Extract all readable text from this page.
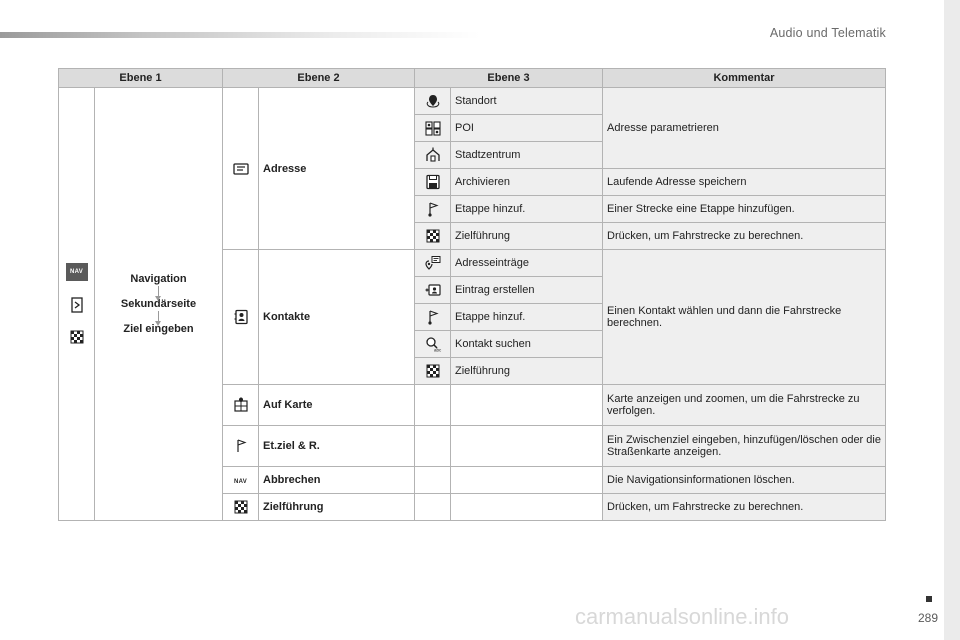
Audio und Telematik
289
carmanualsonline.info
Ebene 1		Ebene 2		Ebene 3		Kommentar

NAV	Navigation
Sekundärseite
Ziel eingeben		Adresse		Standort	Adresse parametrieren

	POI	

	Stadtzentrum	

	Archivieren	Laufende Adresse speichern

	Etappe hinzuf.	Einer Strecke eine Etappe hinzufügen.

	Zielführung	Drücken, um Fahrstrecke zu berechnen.

	Kontakte		Adresseinträge	Einen Kontakt wählen und dann die Fahrstrecke berechnen.

	Eintrag erstellen	

	Etappe hinzuf.	

abc	Kontakt suchen	

	Zielführung	

	Auf Karte			Karte anzeigen und zoomen, um die Fahrstrecke zu verfolgen.

	Et.ziel & R.			Ein Zwischenziel eingeben, hinzufügen/löschen oder die Straßenkarte anzeigen.
		NAV	Abbrechen			Die Navigationsinformationen löschen.

	Zielführung			Drücken, um Fahrstrecke zu berechnen.
